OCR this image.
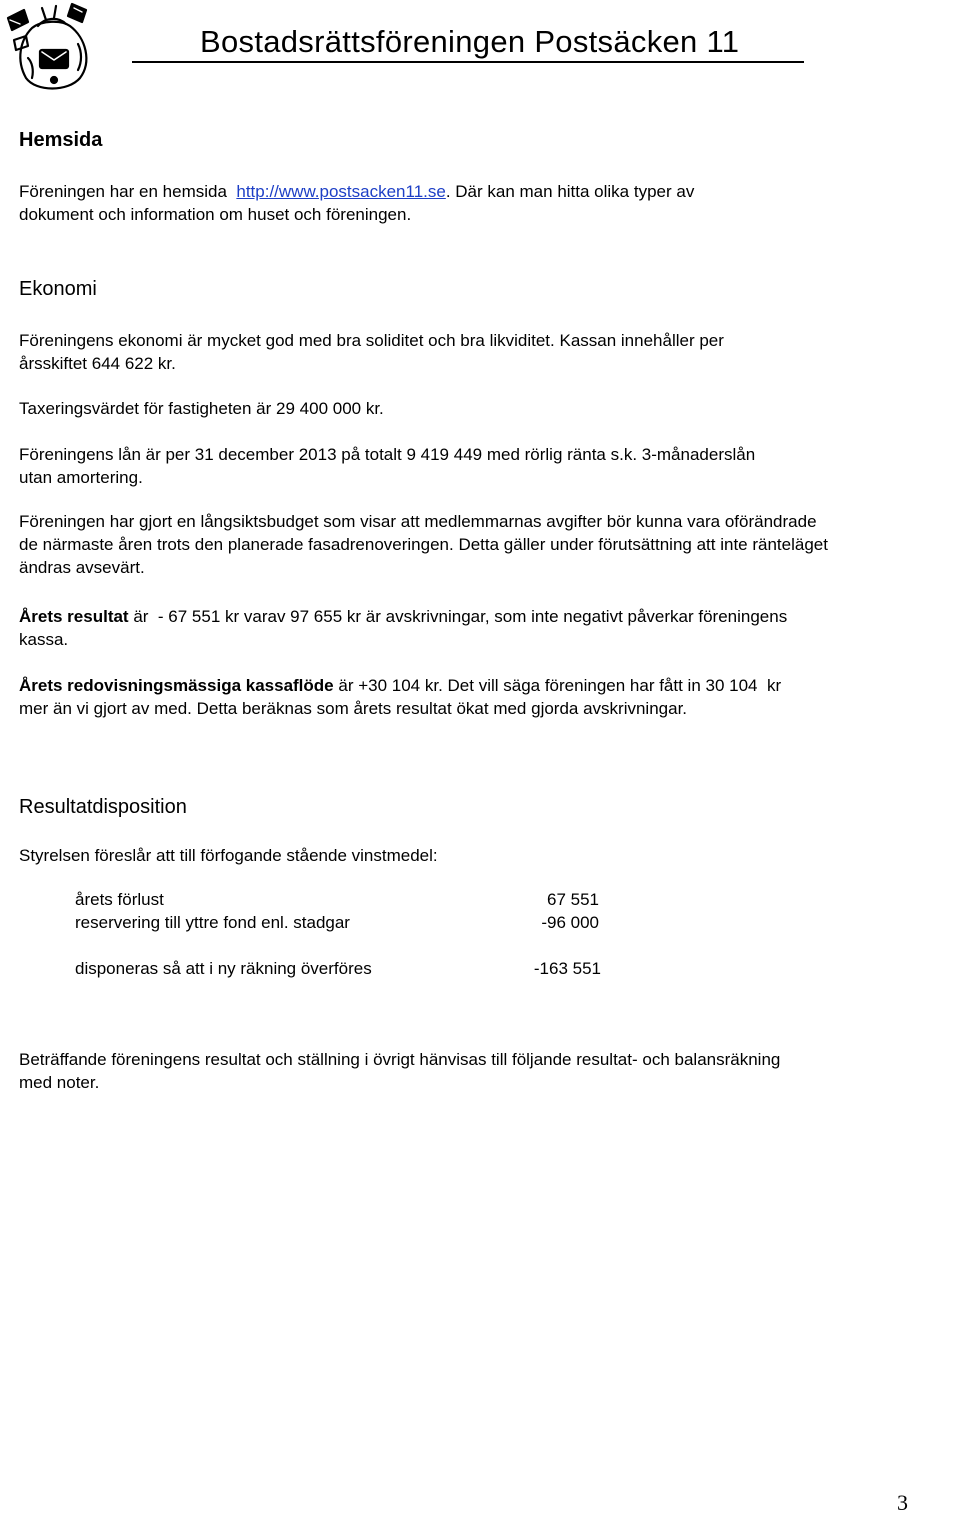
Bostadsrättsföreningen Postsäcken 11
Hemsida
Föreningen har en hemsida  http://www.postsacken11.se. Där kan man hitta olika typer av
dokument och information om huset och föreningen.
Ekonomi
Föreningens ekonomi är mycket god med bra soliditet och bra likviditet. Kassan innehåller per
årsskiftet 644 622 kr.
Taxeringsvärdet för fastigheten är 29 400 000 kr.
Föreningens lån är per 31 december 2013 på totalt 9 419 449 med rörlig ränta s.k. 3-månaderslån
utan amortering.
Föreningen har gjort en långsiktsbudget som visar att medlemmarnas avgifter bör kunna vara oförändrade
de närmaste åren trots den planerade fasadrenoveringen. Detta gäller under förutsättning att inte ränteläget
ändras avsevärt.
Årets resultat är  - 67 551 kr varav 97 655 kr är avskrivningar, som inte negativt påverkar föreningens
kassa.
Årets redovisningsmässiga kassaflöde är +30 104 kr. Det vill säga föreningen har fått in 30 104  kr
mer än vi gjort av med. Detta beräknas som årets resultat ökat med gjorda avskrivningar.
Resultatdisposition
Styrelsen föreslår att till förfogande stående vinstmedel:
årets förlust	67 551
reservering till yttre fond enl. stadgar	-96 000
disponeras så att i ny räkning överföres	-163 551
Beträffande föreningens resultat och ställning i övrigt hänvisas till följande resultat- och balansräkning
med noter.
3
